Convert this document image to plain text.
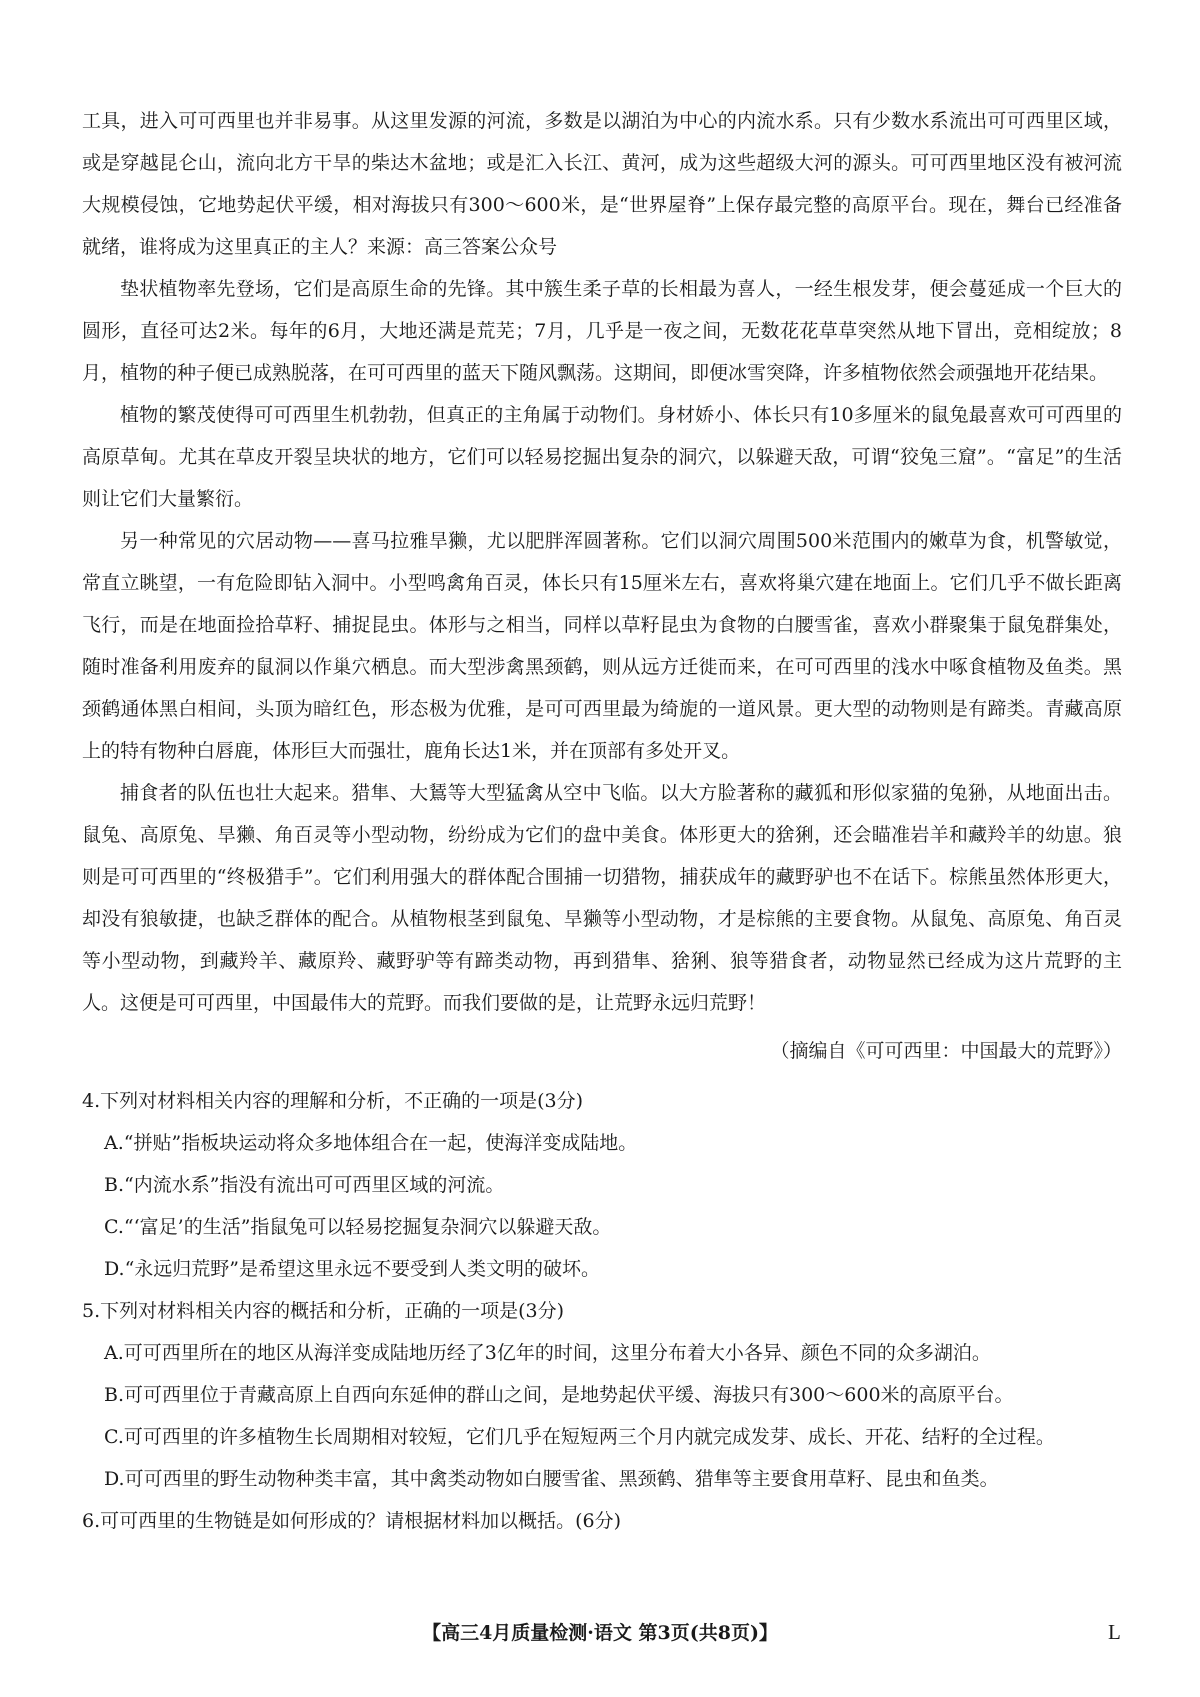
工具，进入可可西里也并非易事。从这里发源的河流，多数是以湖泊为中心的内流水系。只有少数水系流出可可西里区域，或是穿越昆仑山，流向北方干旱的柴达木盆地；或是汇入长江、黄河，成为这些超级大河的源头。可可西里地区没有被河流大规模侵蚀，它地势起伏平缓，相对海拔只有300～600米，是“世界屋脊”上保存最完整的高原平台。现在，舞台已经准备就绪，谁将成为这里真正的主人？来源：高三答案公众号

垫状植物率先登场，它们是高原生命的先锋。其中簇生柔子草的长相最为喜人，一经生根发芽，便会蔓延成一个巨大的圆形，直径可达2米。每年的6月，大地还满是荒芜；7月，几乎是一夜之间，无数花花草草突然从地下冒出，竞相绽放；8月，植物的种子便已成熟脱落，在可可西里的蓝天下随风飘荡。这期间，即便冰雪突降，许多植物依然会顽强地开花结果。

植物的繁茂使得可可西里生机勃勃，但真正的主角属于动物们。身材娇小、体长只有10多厘米的鼠兔最喜欢可可西里的高原草甸。尤其在草皮开裂呈块状的地方，它们可以轻易挖掘出复杂的洞穴，以躲避天敌，可谓“狡兔三窟”。“富足”的生活则让它们大量繁衍。

另一种常见的穴居动物——喜马拉雅旱獭，尤以肥胖浑圆著称。它们以洞穴周围500米范围内的嫩草为食，机警敏觉，常直立眺望，一有危险即钻入洞中。小型鸣禽角百灵，体长只有15厘米左右，喜欢将巢穴建在地面上。它们几乎不做长距离飞行，而是在地面捡拾草籽、捕捉昆虫。体形与之相当，同样以草籽昆虫为食物的白腰雪雀，喜欢小群聚集于鼠兔群集处，随时准备利用废弃的鼠洞以作巢穴栖息。而大型涉禽黑颈鹤，则从远方迁徙而来，在可可西里的浅水中啄食植物及鱼类。黑颈鹤通体黑白相间，头顶为暗红色，形态极为优雅，是可可西里最为绮旎的一道风景。更大型的动物则是有蹄类。青藏高原上的特有物种白唇鹿，体形巨大而强壮，鹿角长达1米，并在顶部有多处开叉。

捕食者的队伍也壮大起来。猎隼、大鵟等大型猛禽从空中飞临。以大方脸著称的藏狐和形似家猫的兔狲，从地面出击。鼠兔、高原兔、旱獭、角百灵等小型动物，纷纷成为它们的盘中美食。体形更大的猞猁，还会瞄准岩羊和藏羚羊的幼崽。狼则是可可西里的“终极猎手”。它们利用强大的群体配合围捕一切猎物，捕获成年的藏野驴也不在话下。棕熊虽然体形更大，却没有狼敏捷，也缺乏群体的配合。从植物根茎到鼠兔、旱獭等小型动物，才是棕熊的主要食物。从鼠兔、高原兔、角百灵等小型动物，到藏羚羊、藏原羚、藏野驴等有蹄类动物，再到猎隼、猞猁、狼等猎食者，动物显然已经成为这片荒野的主人。这便是可可西里，中国最伟大的荒野。而我们要做的是，让荒野永远归荒野！

（摘编自《可可西里：中国最大的荒野》）

4.下列对材料相关内容的理解和分析，不正确的一项是(3分)

A.“拼贴”指板块运动将众多地体组合在一起，使海洋变成陆地。

B.“内流水系”指没有流出可可西里区域的河流。

C.“‘富足’的生活”指鼠兔可以轻易挖掘复杂洞穴以躲避天敌。

D.“永远归荒野”是希望这里永远不要受到人类文明的破坏。

5.下列对材料相关内容的概括和分析，正确的一项是(3分)

A.可可西里所在的地区从海洋变成陆地历经了3亿年的时间，这里分布着大小各异、颜色不同的众多湖泊。

B.可可西里位于青藏高原上自西向东延伸的群山之间，是地势起伏平缓、海拔只有300～600米的高原平台。

C.可可西里的许多植物生长周期相对较短，它们几乎在短短两三个月内就完成发芽、成长、开花、结籽的全过程。

D.可可西里的野生动物种类丰富，其中禽类动物如白腰雪雀、黑颈鹤、猎隼等主要食用草籽、昆虫和鱼类。

6.可可西里的生物链是如何形成的？请根据材料加以概括。(6分)

【高三4月质量检测·语文 第3页(共8页)】	L
